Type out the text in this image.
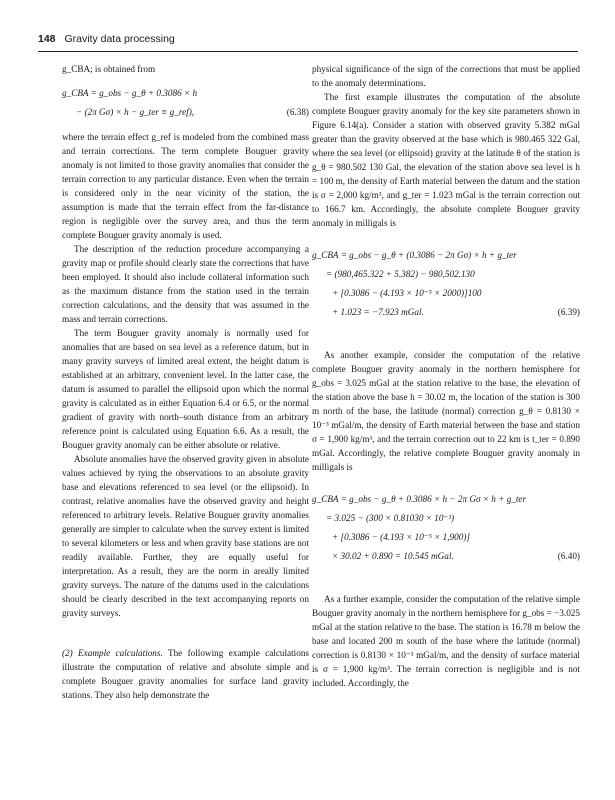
148 Gravity data processing

g_CBA; is obtained from

g_CBA = g_obs − g_θ + 0.3086 × h
− (2π Gσ) × h − g_ter ≡ g_ref),	(6.38)

where the terrain effect g_ref is modeled from the combined mass and terrain corrections. The term complete Bouguer gravity anomaly is not limited to those gravity anomalies that consider the terrain correction to any particular distance. Even when the terrain is considered only in the near vicinity of the station, the assumption is made that the terrain effect from the far-distance region is negligible over the survey area, and thus the term complete Bouguer gravity anomaly is used.

The description of the reduction procedure accompanying a gravity map or profile should clearly state the corrections that have been employed. It should also include collateral information such as the maximum distance from the station used in the terrain correction calculations, and the density that was assumed in the mass and terrain corrections.

The term Bouguer gravity anomaly is normally used for anomalies that are based on sea level as a reference datum, but in many gravity surveys of limited areal extent, the height datum is established at an arbitrary, convenient level. In the latter case, the datum is assumed to parallel the ellipsoid upon which the normal gravity is calculated as in either Equation 6.4 or 6.5, or the normal gradient of gravity with north–south distance from an arbitrary reference point is calculated using Equation 6.6. As a result, the Bouguer gravity anomaly can be either absolute or relative.

Absolute anomalies have the observed gravity given in absolute values achieved by tying the observations to an absolute gravity base and elevations referenced to sea level (or the ellipsoid). In contrast, relative anomalies have the observed gravity and height referenced to arbitrary levels. Relative Bouguer gravity anomalies generally are simpler to calculate when the survey extent is limited to several kilometers or less and when gravity base stations are not readily available. Further, they are equally useful for interpretation. As a result, they are the norm in areally limited gravity surveys. The nature of the datums used in the calculations should be clearly described in the text accompanying reports on gravity surveys.

(2) Example calculations. The following example calculations illustrate the computation of relative and absolute simple and complete Bouguer gravity anomalies for surface land gravity stations. They also help demonstrate the

physical significance of the sign of the corrections that must be applied to the anomaly determinations.

The first example illustrates the computation of the absolute complete Bouguer gravity anomaly for the key site parameters shown in Figure 6.14(a). Consider a station with observed gravity 5.382 mGal greater than the gravity observed at the base which is 980.465 322 Gal, where the sea level (or ellipsoid) gravity at the latitude θ of the station is g_θ = 980.502 130 Gal, the elevation of the station above sea level is h = 100 m, the density of Earth material between the datum and the station is σ = 2,000 kg/m³, and g_ter = 1.023 mGal is the terrain correction out to 166.7 km. Accordingly, the absolute complete Bouguer gravity anomaly in milligals is

g_CBA = g_obs − g_θ + (0.3086 − 2π Gσ) × h + g_ter
= (980,465.322 + 5.382) − 980,502.130
+ [0.3086 − (4.193 × 10⁻⁵ × 2000)]100
+ 1.023 = −7.923 mGal.	(6.39)

As another example, consider the computation of the relative complete Bouguer gravity anomaly in the northern hemisphere for g_obs = 3.025 mGal at the station relative to the base, the elevation of the station above the base h = 30.02 m, the location of the station is 300 m north of the base, the latitude (normal) correction g_θ = 0.8130 × 10⁻³ mGal/m, the density of Earth material between the base and station σ = 1,900 kg/m³, and the terrain correction out to 22 km is t_ter = 0.890 mGal. Accordingly, the relative complete Bouguer gravity anomaly in milligals is

g_CBA = g_obs − g_θ + 0.3086 × h − 2π Gσ × h + g_ter
= 3.025 − (300 × 0.81030 × 10⁻³)
+ [0.3086 − (4.193 × 10⁻⁵ × 1,900)]
× 30.02 + 0.890 = 10.545 mGal.	(6.40)

As a further example, consider the computation of the relative simple Bouguer gravity anomaly in the northern hemisphere for g_obs = −3.025 mGal at the station relative to the base. The station is 16.78 m below the base and located 200 m south of the base where the latitude (normal) correction is 0.8130 × 10⁻³ mGal/m, and the density of surface material is σ = 1,900 kg/m³. The terrain correction is negligible and is not included. Accordingly, the
